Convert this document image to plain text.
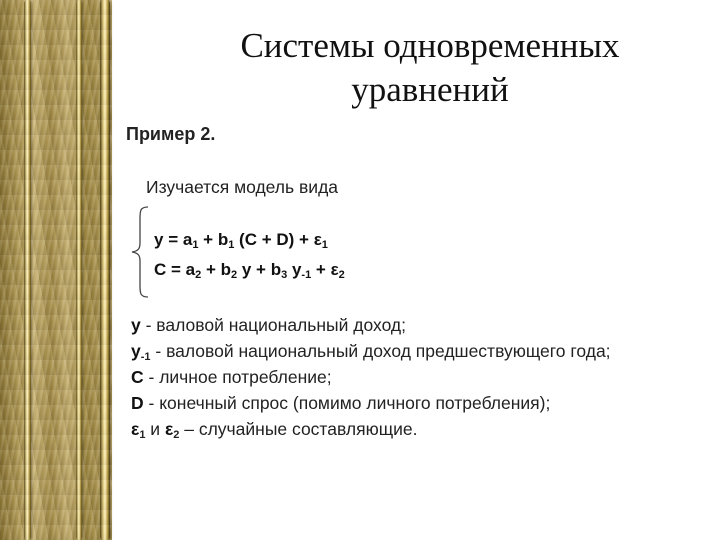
Системы одновременных
уравнений
Пример 2.
Изучается модель вида
$y = a_1 + b_1$ $(C + D) + \varepsilon_1$
$C = a_2 + b_2$ $y + b_3$ $y_{-1} + \varepsilon_2$
y - валовой национальный доход;
$y_{-1}$ - валовой национальный доход предшествующего года;
C - личное потребление;
D - конечный спрос (помимо личного потребления);
$\varepsilon_1$ и $\varepsilon_2$ – случайные составляющие.
